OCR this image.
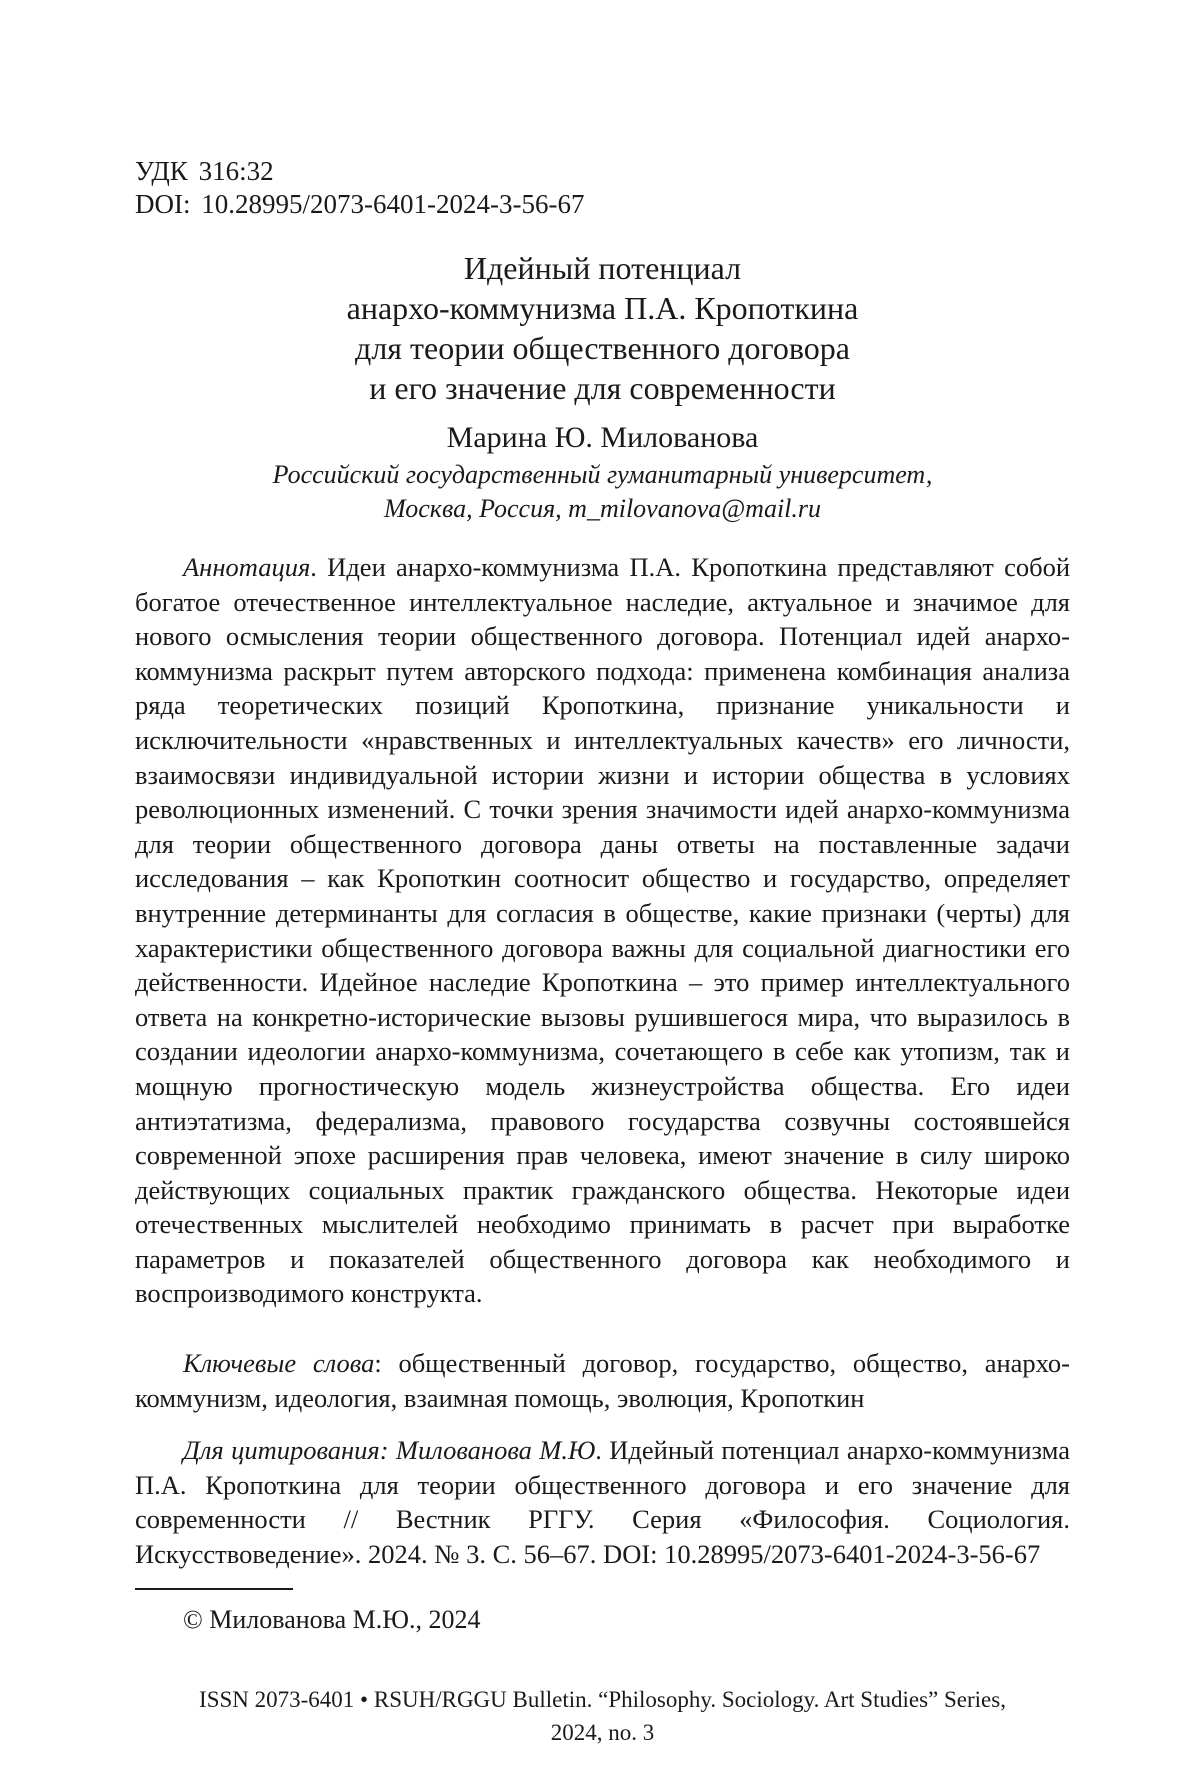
УДК 316:32
DOI: 10.28995/2073-6401-2024-3-56-67
Идейный потенциал
анархо-коммунизма П.А. Кропоткина
для теории общественного договора
и его значение для современности
Марина Ю. Милованова
Российский государственный гуманитарный университет,
Москва, Россия, m_milovanova@mail.ru

Аннотация. Идеи анархо-коммунизма П.А. Кропоткина представляют собой богатое отечественное интеллектуальное наследие, актуальное и значимое для нового осмысления теории общественного договора. Потенциал идей анархо-коммунизма раскрыт путем авторского подхода: применена комбинация анализа ряда теоретических позиций Кропоткина, признание уникальности и исключительности «нравственных и интеллектуальных качеств» его личности, взаимосвязи индивидуальной истории жизни и истории общества в условиях революционных изменений. С точки зрения значимости идей анархо-коммунизма для теории общественного договора даны ответы на поставленные задачи исследования – как Кропоткин соотносит общество и государство, определяет внутренние детерминанты для согласия в обществе, какие признаки (черты) для характеристики общественного договора важны для социальной диагностики его действенности. Идейное наследие Кропоткина – это пример интеллектуального ответа на конкретно-исторические вызовы рушившегося мира, что выразилось в создании идеологии анархо-коммунизма, сочетающего в себе как утопизм, так и мощную прогностическую модель жизнеустройства общества. Его идеи антиэтатизма, федерализма, правового государства созвучны состоявшейся современной эпохе расширения прав человека, имеют значение в силу широко действующих социальных практик гражданского общества. Некоторые идеи отечественных мыслителей необходимо принимать в расчет при выработке параметров и показателей общественного договора как необходимого и воспроизводимого конструкта.

Ключевые слова: общественный договор, государство, общество, анархо-коммунизм, идеология, взаимная помощь, эволюция, Кропоткин

Для цитирования: Милованова М.Ю. Идейный потенциал анархо-коммунизма П.А. Кропоткина для теории общественного договора и его значение для современности // Вестник РГГУ. Серия «Философия. Социология. Искусствоведение». 2024. № 3. С. 56–67. DOI: 10.28995/2073-6401-2024-3-56-67

© Милованова М.Ю., 2024
ISSN 2073-6401 • RSUH/RGGU Bulletin. “Philosophy. Sociology. Art Studies” Series,
2024, no. 3
